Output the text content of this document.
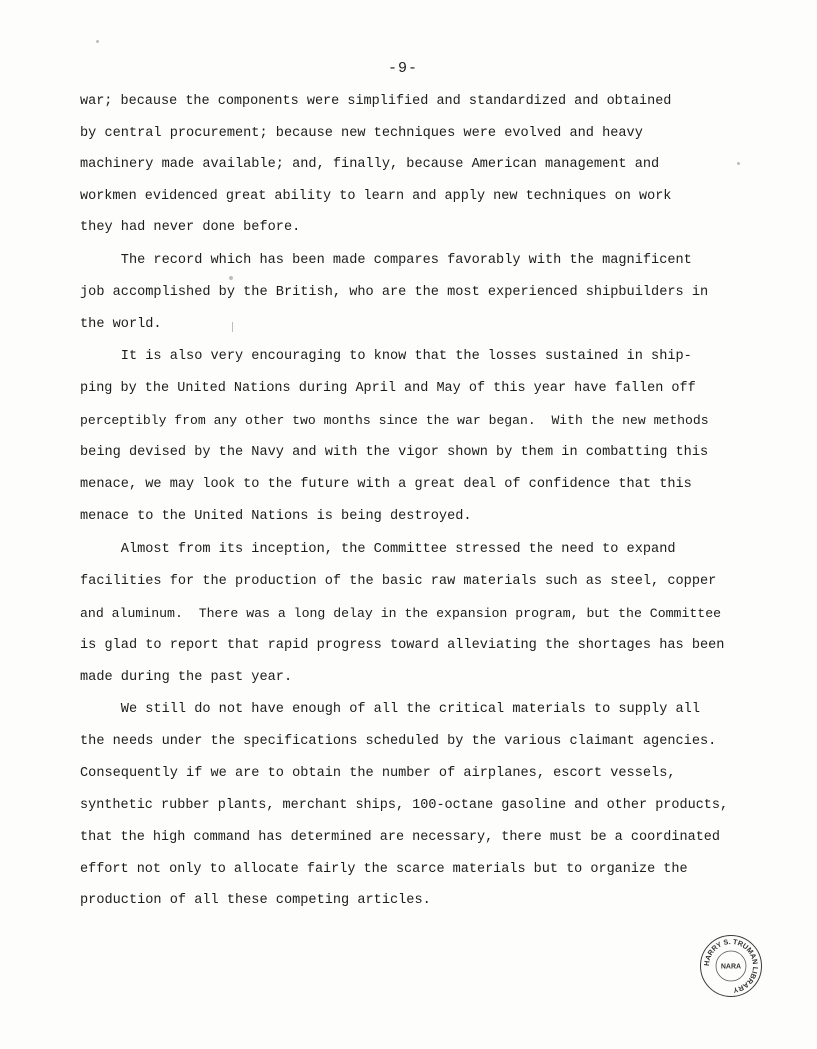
-9-
war; because the components were simplified and standardized and obtained
by central procurement; because new techniques were evolved and heavy
machinery made available; and, finally, because American management and
workmen evidenced great ability to learn and apply new techniques on work
they had never done before.
The record which has been made compares favorably with the magnificent
job accomplished by the British, who are the most experienced shipbuilders in
the world.
It is also very encouraging to know that the losses sustained in ship-
ping by the United Nations during April and May of this year have fallen off
perceptibly from any other two months since the war began.  With the new methods
being devised by the Navy and with the vigor shown by them in combatting this
menace, we may look to the future with a great deal of confidence that this
menace to the United Nations is being destroyed.
Almost from its inception, the Committee stressed the need to expand
facilities for the production of the basic raw materials such as steel, copper
and aluminum.  There was a long delay in the expansion program, but the Committee
is glad to report that rapid progress toward alleviating the shortages has been
made during the past year.
We still do not have enough of all the critical materials to supply all
the needs under the specifications scheduled by the various claimant agencies.
Consequently if we are to obtain the number of airplanes, escort vessels,
synthetic rubber plants, merchant ships, 100-octane gasoline and other products,
that the high command has determined are necessary, there must be a coordinated
effort not only to allocate fairly the scarce materials but to organize the
production of all these competing articles.
HARRY S. TRUMAN LIBRARY
NARA
